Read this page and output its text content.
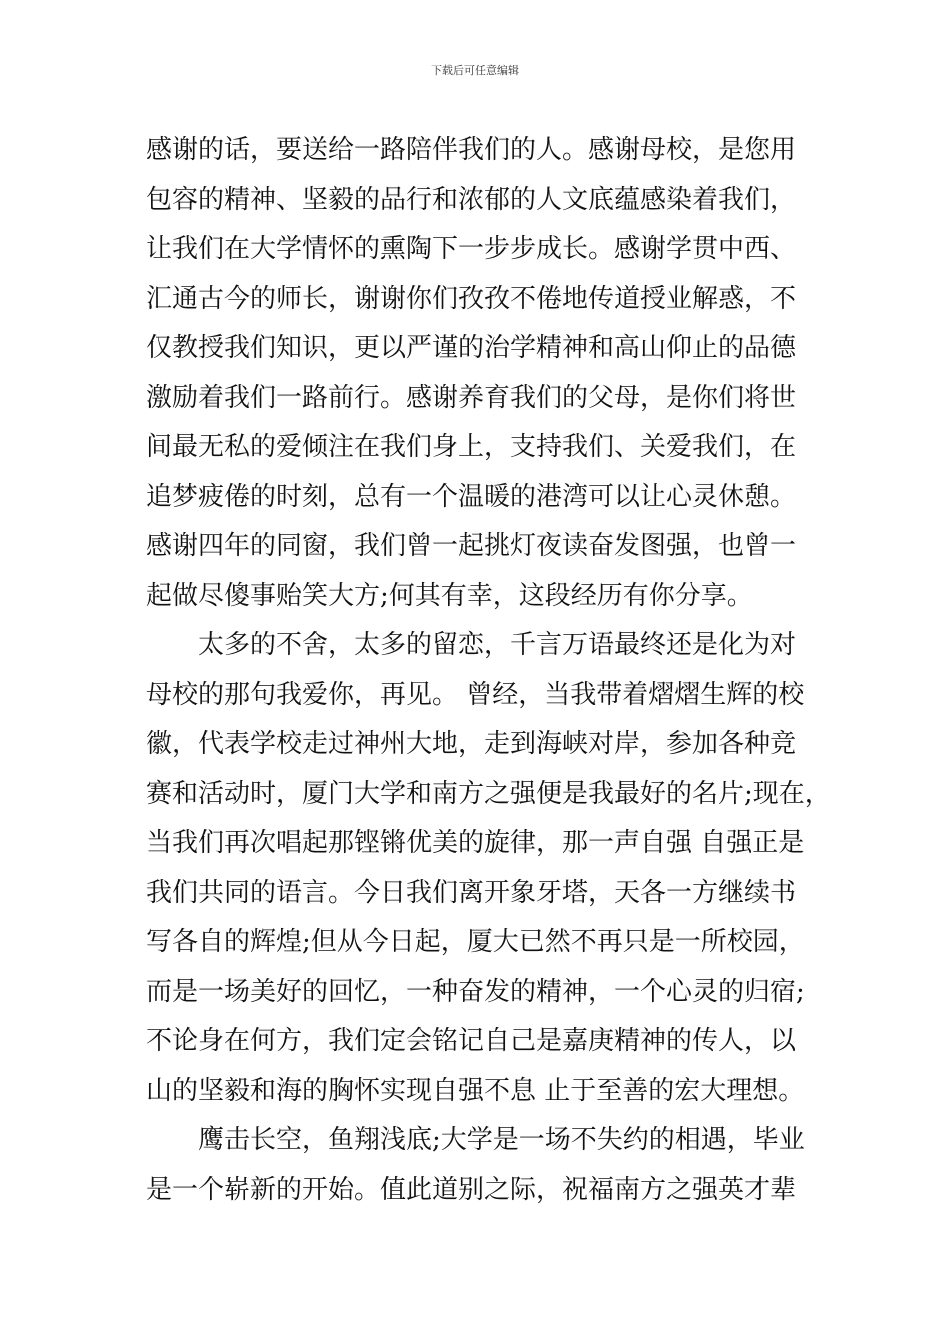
下载后可任意编辑
感谢的话，要送给一路陪伴我们的人。感谢母校，是您用
包容的精神、坚毅的品行和浓郁的人文底蕴感染着我们，
让我们在大学情怀的熏陶下一步步成长。感谢学贯中西、
汇通古今的师长，谢谢你们孜孜不倦地传道授业解惑，不
仅教授我们知识，更以严谨的治学精神和高山仰止的品德
激励着我们一路前行。感谢养育我们的父母，是你们将世
间最无私的爱倾注在我们身上，支持我们、关爱我们，在
追梦疲倦的时刻，总有一个温暖的港湾可以让心灵休憩。
感谢四年的同窗，我们曾一起挑灯夜读奋发图强，也曾一
起做尽傻事贻笑大方;何其有幸，这段经历有你分享。
太多的不舍，太多的留恋，千言万语最终还是化为对
母校的那句我爱你，再见。 曾经，当我带着熠熠生辉的校
徽，代表学校走过神州大地，走到海峡对岸，参加各种竞
赛和活动时，厦门大学和南方之强便是我最好的名片;现在，
当我们再次唱起那铿锵优美的旋律，那一声自强 自强正是
我们共同的语言。今日我们离开象牙塔，天各一方继续书
写各自的辉煌;但从今日起，厦大已然不再只是一所校园，
而是一场美好的回忆，一种奋发的精神，一个心灵的归宿;
不论身在何方，我们定会铭记自己是嘉庚精神的传人，以
山的坚毅和海的胸怀实现自强不息 止于至善的宏大理想。
鹰击长空，鱼翔浅底;大学是一场不失约的相遇，毕业
是一个崭新的开始。值此道别之际，祝福南方之强英才辈
